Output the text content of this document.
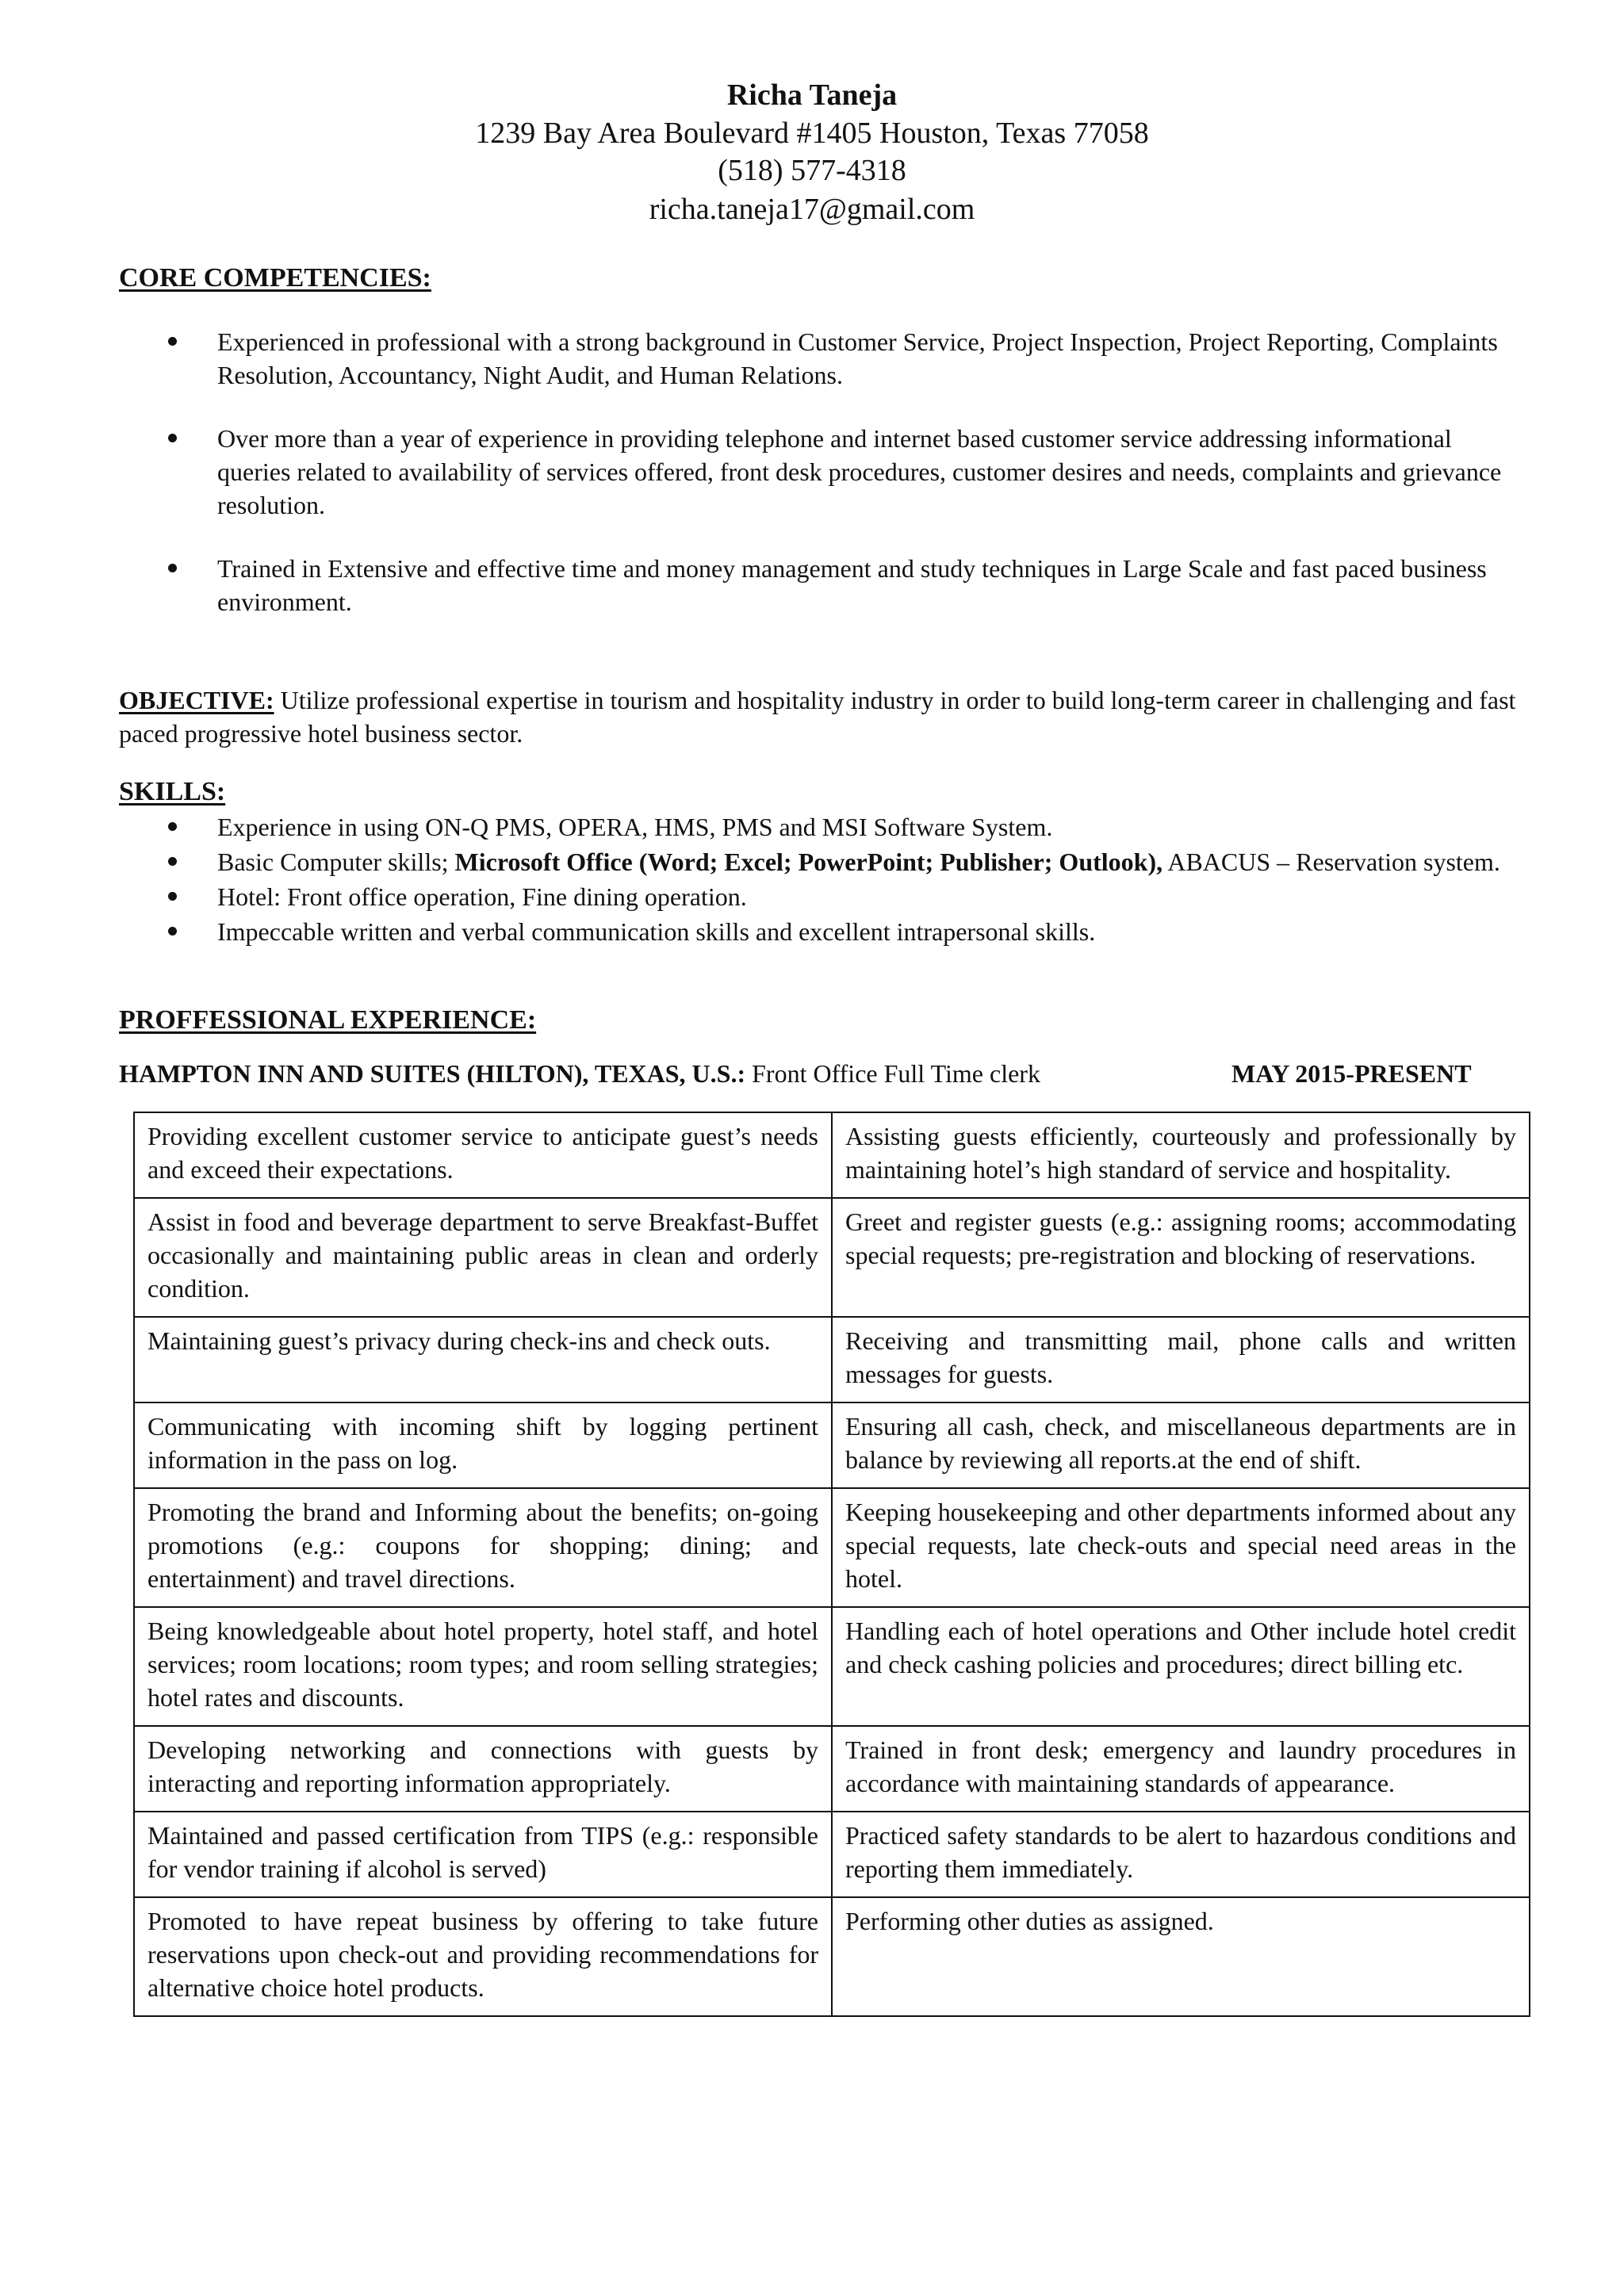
Richa Taneja
1239 Bay Area Boulevard #1405 Houston, Texas 77058
(518) 577-4318
richa.taneja17@gmail.com
CORE COMPETENCIES:
Experienced in professional with a strong background in Customer Service, Project Inspection, Project Reporting, Complaints Resolution, Accountancy, Night Audit, and Human Relations.
Over more than a year of experience in providing telephone and internet based customer service addressing informational queries related to availability of services offered, front desk procedures, customer desires and needs, complaints and grievance resolution.
Trained in Extensive and effective time and money management and study techniques in Large Scale and fast paced business environment.
OBJECTIVE: Utilize professional expertise in tourism and hospitality industry in order to build long-term career in challenging and fast paced progressive hotel business sector.
SKILLS:
Experience in using ON-Q PMS, OPERA, HMS, PMS and MSI Software System.
Basic Computer skills; Microsoft Office (Word; Excel; PowerPoint; Publisher; Outlook), ABACUS – Reservation system.
Hotel: Front office operation, Fine dining operation.
Impeccable written and verbal communication skills and excellent intrapersonal skills.
PROFFESSIONAL EXPERIENCE:
HAMPTON INN AND SUITES (HILTON), TEXAS, U.S.: Front Office Full Time clerk	MAY 2015-PRESENT
Providing excellent customer service to anticipate guest’s needs and exceed their expectations.	Assisting guests efficiently, courteously and professionally by maintaining hotel’s high standard of service and hospitality.
Assist in food and beverage department to serve Breakfast-Buffet occasionally and maintaining public areas in clean and orderly condition.	Greet and register guests (e.g.: assigning rooms; accommodating special requests; pre-registration and blocking of reservations.
Maintaining guest’s privacy during check-ins and check outs.	Receiving and transmitting mail, phone calls and written messages for guests.
Communicating with incoming shift by logging pertinent information in the pass on log.	Ensuring all cash, check, and miscellaneous departments are in balance by reviewing all reports.at the end of shift.
Promoting the brand and Informing about the benefits; on-going promotions (e.g.: coupons for shopping; dining; and entertainment) and travel directions.	Keeping housekeeping and other departments informed about any special requests, late check-outs and special need areas in the hotel.
Being knowledgeable about hotel property, hotel staff, and hotel services; room locations; room types; and room selling strategies; hotel rates and discounts.	Handling each of hotel operations and Other include hotel credit and check cashing policies and procedures; direct billing etc.
Developing networking and connections with guests by interacting and reporting information appropriately.	Trained in front desk; emergency and laundry procedures in accordance with maintaining standards of appearance.
Maintained and passed certification from TIPS (e.g.: responsible for vendor training if alcohol is served)	Practiced safety standards to be alert to hazardous conditions and reporting them immediately.
Promoted to have repeat business by offering to take future reservations upon check-out and providing recommendations for alternative choice hotel products.	Performing other duties as assigned.
